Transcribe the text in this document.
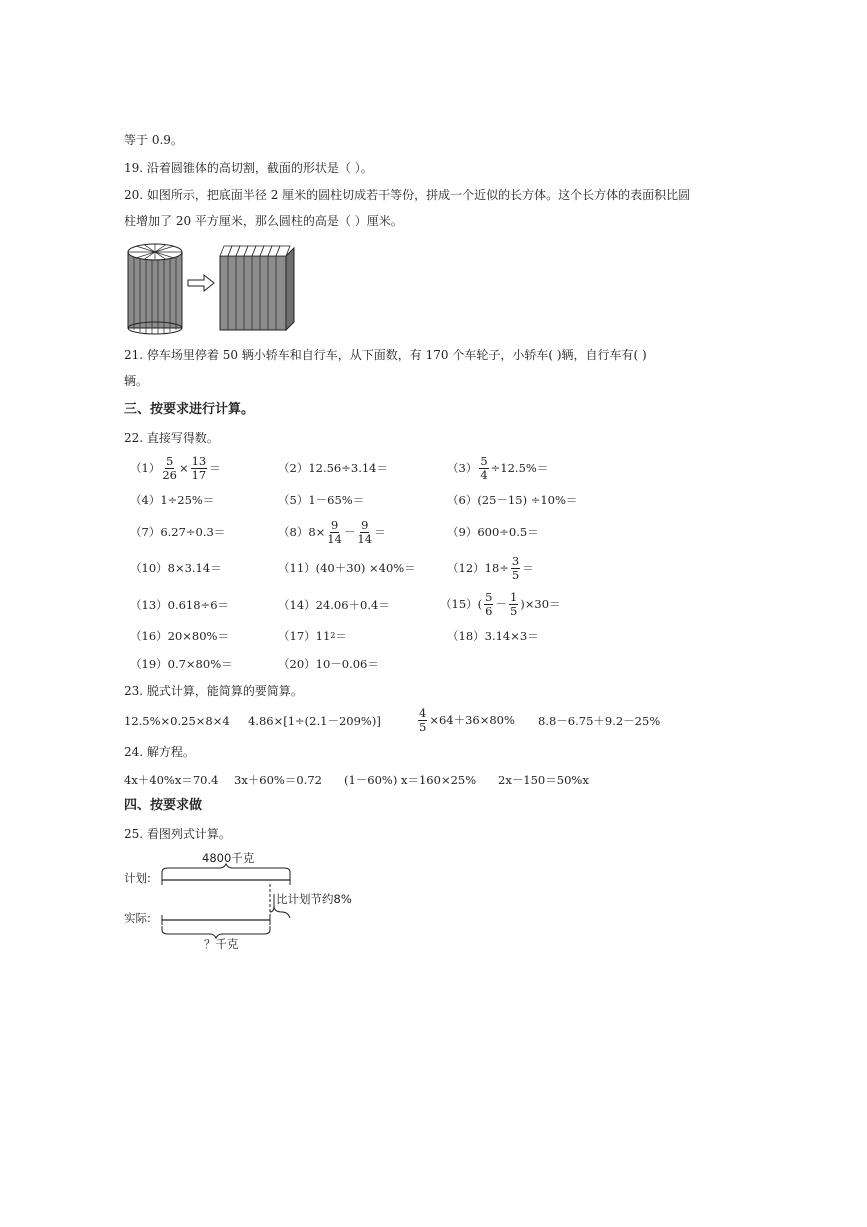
等于 0.9。
19. 沿着圆锥体的高切割，截面的形状是（ ）。
20. 如图所示，把底面半径 2 厘米的圆柱切成若干等份，拼成一个近似的长方体。这个长方体的表面积比圆
柱增加了 20 平方厘米，那么圆柱的高是（ ）厘米。
21. 停车场里停着 50 辆小轿车和自行车，从下面数，有 170 个车轮子，小轿车( )辆，自行车有( )
辆。
三、按要求进行计算。
22. 直接写得数。
$(1) \frac{5}{26} \times \frac{13}{17}$ ＝	（2）12.56÷3.14＝	$(3) \frac{5}{4} \div 12.5\%=$
（4）1÷25%＝	（5）1－65%＝	（6）(25－15) ÷10%＝
（7）6.27÷0.3＝	$(8)8\times \frac{9}{14} - \frac{9}{14}$ ＝	（9）600÷0.5＝
（10）8×3.14＝	（11）(40＋30) ×40%＝	$(12)18\div \frac{3}{5}$ ＝
（13）0.618÷6＝	（14）24.06＋0.4＝	$(15)( \frac{5}{6} - \frac{1}{5} )\times 30=$
（16）20×80%＝	（17）11 2 ＝	（18）3.14×3＝
（19）0.7×80%＝	（20）10－0.06＝
23. 脱式计算，能简算的要简算。
12.5%×0.25×8×4 4.86×[1÷(2.1－209%)]	$\frac{4}{5} \times 64+36\times 80\%$ 8.8－6.75＋9.2－25%
24. 解方程。
4x＋40%x＝70.4 3x＋60%＝0.72 (1－60%) x＝160×25% 2x－150＝50%x
四、按要求做
25. 看图列式计算。
4800千克
计划:
实际:
比计划节约8%
？千克
